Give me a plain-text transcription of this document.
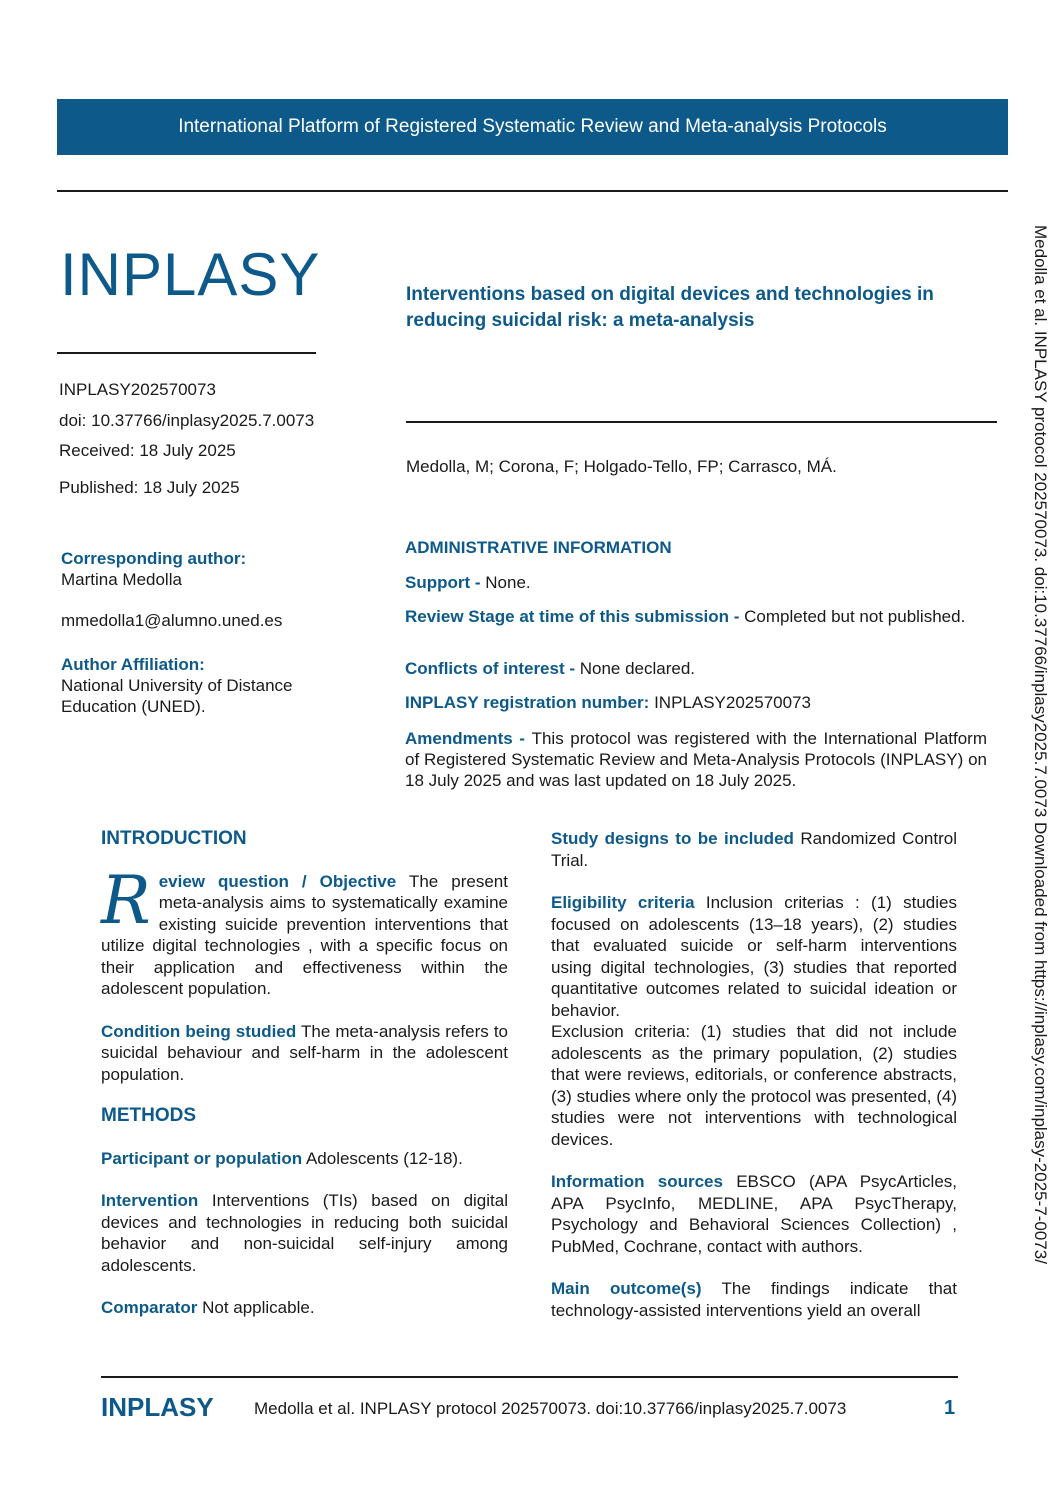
International Platform of Registered Systematic Review and Meta-analysis Protocols
INPLASY
INPLASY202570073
doi: 10.37766/inplasy2025.7.0073
Received: 18 July 2025
Published: 18 July 2025
Interventions based on digital devices and technologies in reducing suicidal risk: a meta-analysis
Medolla, M; Corona, F; Holgado-Tello, FP; Carrasco, MÁ.
Corresponding author:
Martina Medolla
mmedolla1@alumno.uned.es
Author Affiliation:
National University of Distance Education (UNED).
ADMINISTRATIVE INFORMATION
Support - None.
Review Stage at time of this submission - Completed but not published.
Conflicts of interest - None declared.
INPLASY registration number: INPLASY202570073
Amendments - This protocol was registered with the International Platform of Registered Systematic Review and Meta-Analysis Protocols (INPLASY) on 18 July 2025 and was last updated on 18 July 2025.
INTRODUCTION
Review question / Objective The present meta-analysis aims to systematically examine existing suicide prevention interventions that utilize digital technologies , with a specific focus on their application and effectiveness within the adolescent population.
Condition being studied The meta-analysis refers to suicidal behaviour and self-harm in the adolescent population.
METHODS
Participant or population Adolescents (12-18).
Intervention Interventions (TIs) based on digital devices and technologies in reducing both suicidal behavior and non-suicidal self-injury among adolescents.
Comparator Not applicable.
Study designs to be included Randomized Control Trial.
Eligibility criteria Inclusion criterias : (1) studies focused on adolescents (13–18 years), (2) studies that evaluated suicide or self-harm interventions using digital technologies, (3) studies that reported quantitative outcomes related to suicidal ideation or behavior.
Exclusion criteria: (1) studies that did not include adolescents as the primary population, (2) studies that were reviews, editorials, or conference abstracts, (3) studies where only the protocol was presented, (4) studies were not interventions with technological devices.
Information sources EBSCO (APA PsycArticles, APA PsycInfo, MEDLINE, APA PsycTherapy, Psychology and Behavioral Sciences Collection) , PubMed, Cochrane, contact with authors.
Main outcome(s) The findings indicate that technology-assisted interventions yield an overall
INPLASY Medolla et al. INPLASY protocol 202570073. doi:10.37766/inplasy2025.7.0073	1
Medolla et al. INPLASY protocol 202570073. doi:10.37766/inplasy2025.7.0073 Downloaded from https://inplasy.com/inplasy-2025-7-0073/
